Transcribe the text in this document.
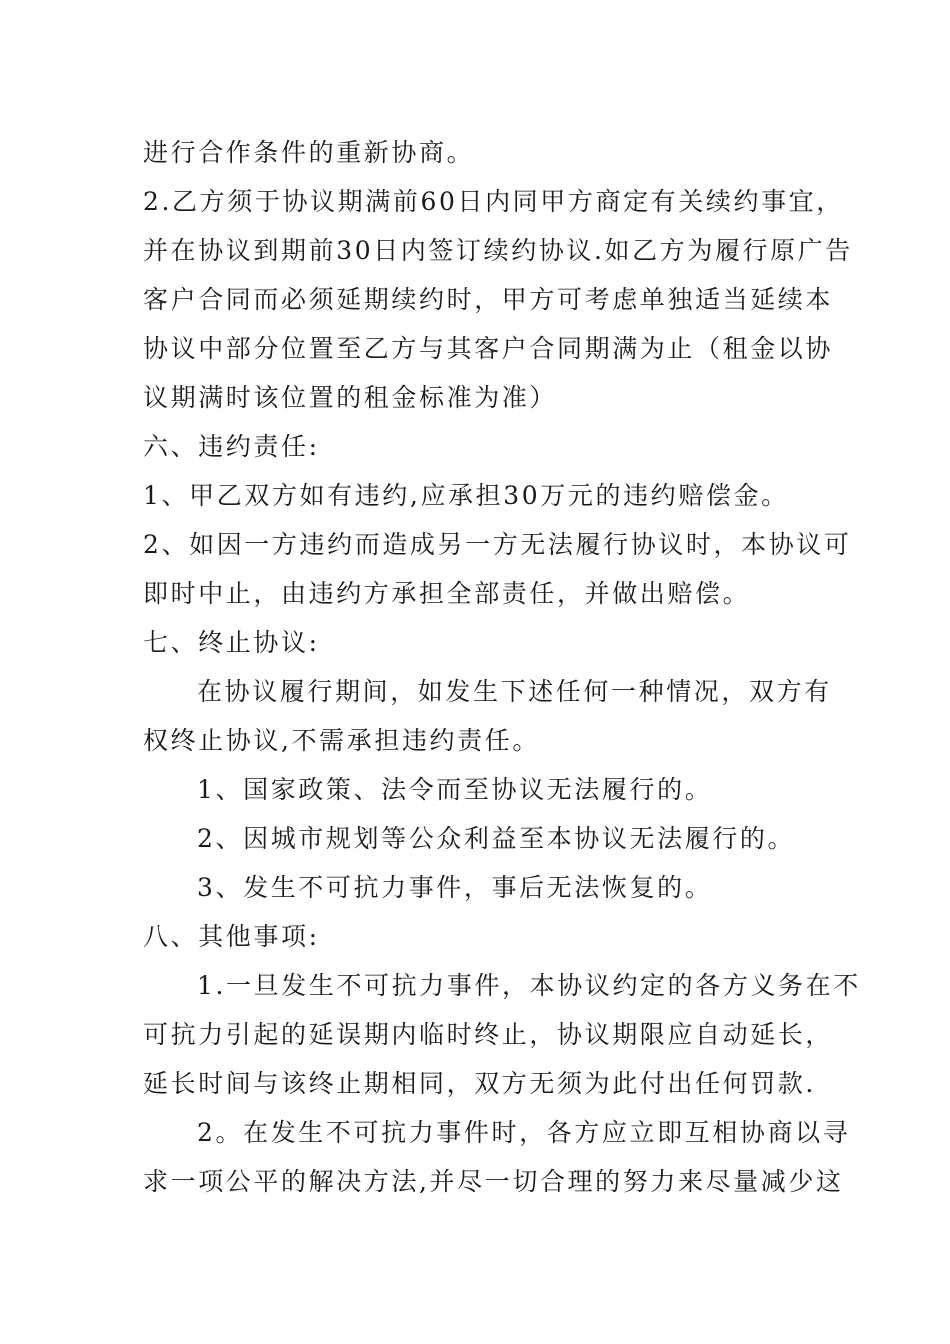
进行合作条件的重新协商。

2.乙方须于协议期满前60日内同甲方商定有关续约事宜，

并在协议到期前30日内签订续约协议.如乙方为履行原广告

客户合同而必须延期续约时，甲方可考虑单独适当延续本

协议中部分位置至乙方与其客户合同期满为止（租金以协

议期满时该位置的租金标准为准）

六、违约责任:

1、甲乙双方如有违约,应承担30万元的违约赔偿金。

2、如因一方违约而造成另一方无法履行协议时，本协议可

即时中止，由违约方承担全部责任，并做出赔偿。

七、终止协议:

在协议履行期间，如发生下述任何一种情况，双方有

权终止协议,不需承担违约责任。

1、国家政策、法令而至协议无法履行的。

2、因城市规划等公众利益至本协议无法履行的。

3、发生不可抗力事件，事后无法恢复的。

八、其他事项:

1.一旦发生不可抗力事件，本协议约定的各方义务在不

可抗力引起的延误期内临时终止，协议期限应自动延长，

延长时间与该终止期相同，双方无须为此付出任何罚款.

2。在发生不可抗力事件时，各方应立即互相协商以寻

求一项公平的解决方法,并尽一切合理的努力来尽量减少这
